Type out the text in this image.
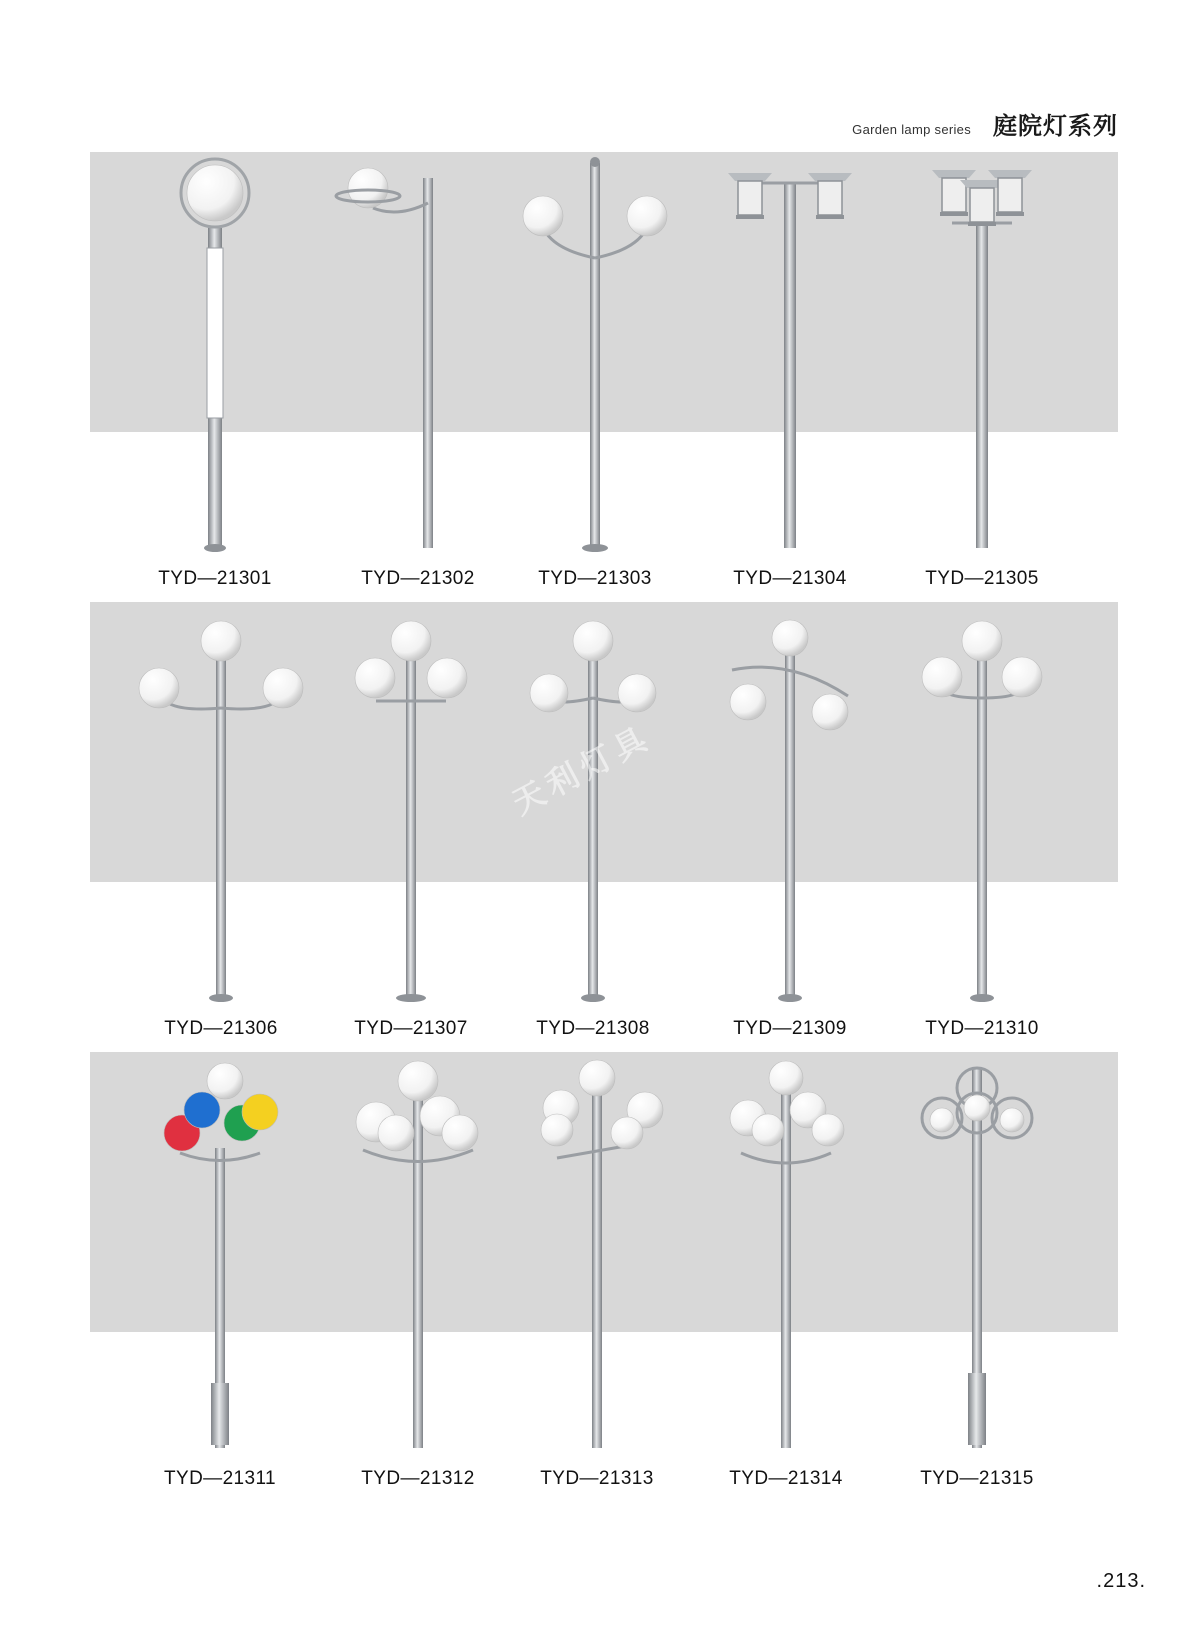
Garden lamp series 庭院灯系列
TYD—21301	TYD—21302	TYD—21303	TYD—21304	TYD—21305
TYD—21306	TYD—21307	TYD—21308	TYD—21309	TYD—21310
TYD—21311	TYD—21312	TYD—21313	TYD—21314	TYD—21315
天利灯具
.213.
